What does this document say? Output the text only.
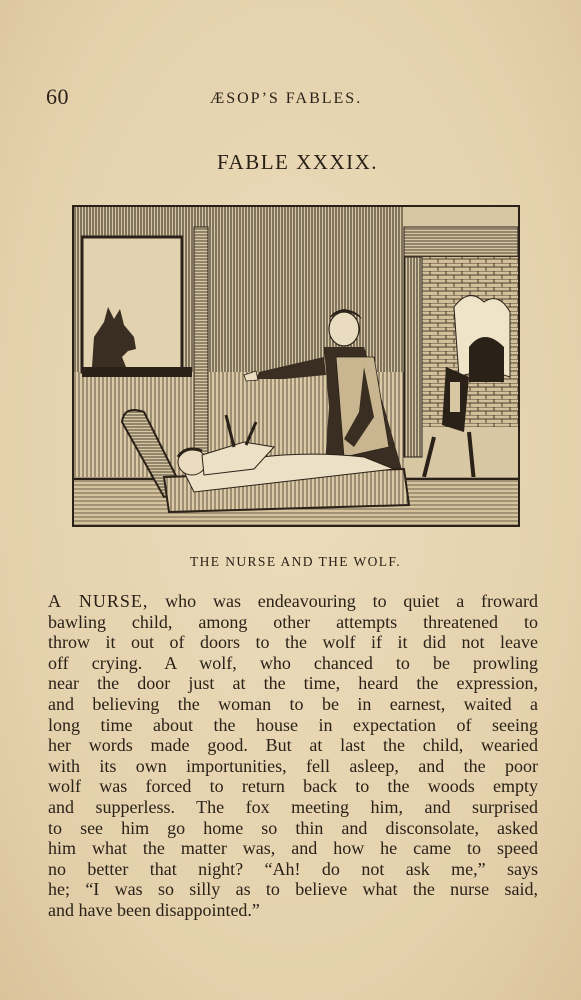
60	ÆSOP’S FABLES.
FABLE XXXIX.
THE NURSE AND THE WOLF.
A NURSE, who was endeavouring to quiet a froward
bawling child, among other attempts threatened to
throw it out of doors to the wolf if it did not leave
off crying. A wolf, who chanced to be prowling
near the door just at the time, heard the expression,
and believing the woman to be in earnest, waited a
long time about the house in expectation of seeing
her words made good. But at last the child, wearied
with its own importunities, fell asleep, and the poor
wolf was forced to return back to the woods empty
and supperless. The fox meeting him, and surprised
to see him go home so thin and disconsolate, asked
him what the matter was, and how he came to speed
no better that night? “Ah! do not ask me,” says
he; “I was so silly as to believe what the nurse said,
and have been disappointed.”
